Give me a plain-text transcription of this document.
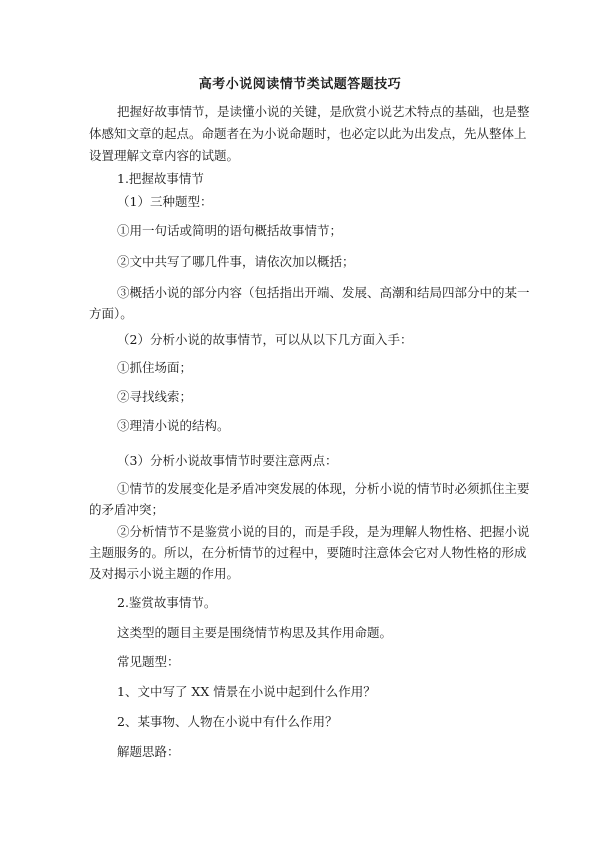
高考小说阅读情节类试题答题技巧

把握好故事情节，是读懂小说的关键，是欣赏小说艺术特点的基础，也是整

体感知文章的起点。命题者在为小说命题时，也必定以此为出发点，先从整体上

设置理解文章内容的试题。

1.把握故事情节

（1）三种题型：

①用一句话或简明的语句概括故事情节；

②文中共写了哪几件事，请依次加以概括；

③概括小说的部分内容（包括指出开端、发展、高潮和结局四部分中的某一

方面）。

（2）分析小说的故事情节，可以从以下几方面入手：

①抓住场面；

②寻找线索；

③理清小说的结构。

（3）分析小说故事情节时要注意两点：

①情节的发展变化是矛盾冲突发展的体现，分析小说的情节时必须抓住主要

的矛盾冲突；

②分析情节不是鉴赏小说的目的，而是手段，是为理解人物性格、把握小说

主题服务的。所以，在分析情节的过程中，要随时注意体会它对人物性格的形成

及对揭示小说主题的作用。

2.鉴赏故事情节。

这类型的题目主要是围绕情节构思及其作用命题。

常见题型：

1、文中写了 XX 情景在小说中起到什么作用？

2、某事物、人物在小说中有什么作用？

解题思路：
